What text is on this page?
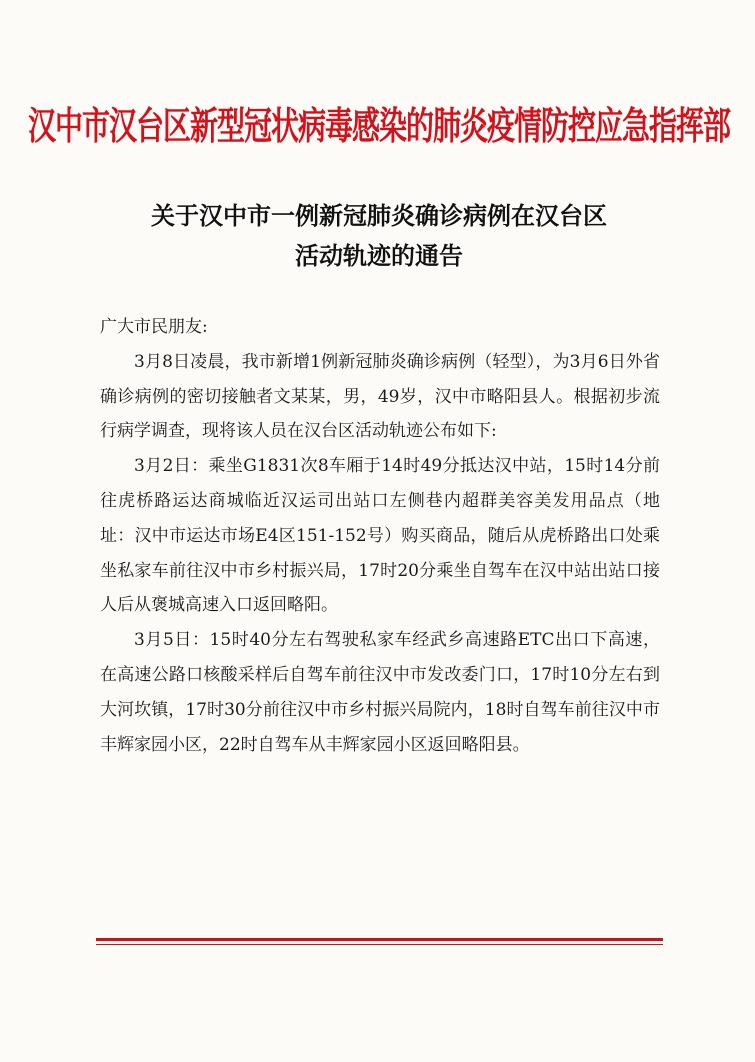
汉中市汉台区新型冠状病毒感染的肺炎疫情防控应急指挥部
关于汉中市一例新冠肺炎确诊病例在汉台区
活动轨迹的通告

广大市民朋友:

3月8日凌晨，我市新增1例新冠肺炎确诊病例（轻型），为3月6日外省确诊病例的密切接触者文某某，男，49岁，汉中市略阳县人。根据初步流行病学调查，现将该人员在汉台区活动轨迹公布如下:

3月2日：乘坐G1831次8车厢于14时49分抵达汉中站，15时14分前往虎桥路运达商城临近汉运司出站口左侧巷内超群美容美发用品点（地址：汉中市运达市场E4区151-152号）购买商品，随后从虎桥路出口处乘坐私家车前往汉中市乡村振兴局，17时20分乘坐自驾车在汉中站出站口接人后从褒城高速入口返回略阳。

3月5日：15时40分左右驾驶私家车经武乡高速路ETC出口下高速，在高速公路口核酸采样后自驾车前往汉中市发改委门口，17时10分左右到大河坎镇，17时30分前往汉中市乡村振兴局院内，18时自驾车前往汉中市丰辉家园小区，22时自驾车从丰辉家园小区返回略阳县。
